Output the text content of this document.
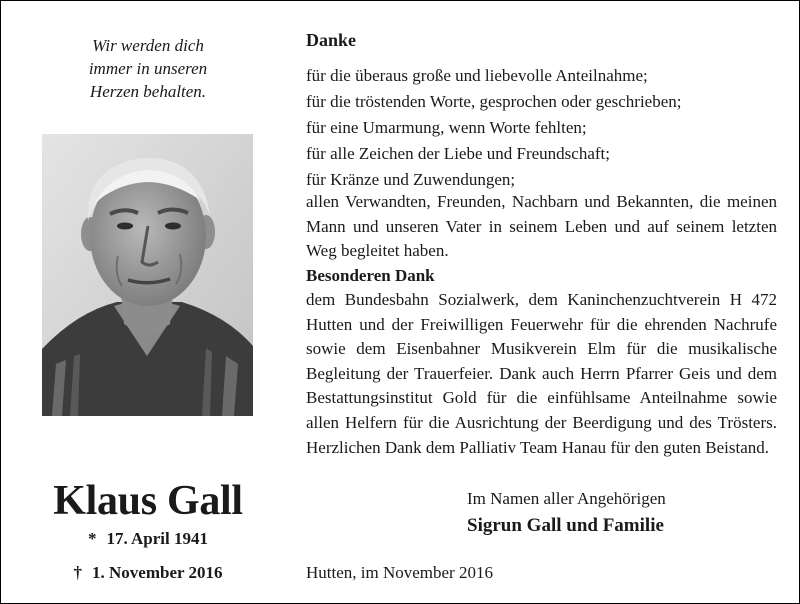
Wir werden dich
immer in unseren
Herzen behalten.
Klaus Gall
* 17. April 1941
† 1. November 2016
Danke
für die überaus große und liebevolle Anteilnahme;
für die tröstenden Worte, gesprochen oder geschrieben;
für eine Umarmung, wenn Worte fehlten;
für alle Zeichen der Liebe und Freundschaft;
für Kränze und Zuwendungen;
allen Verwandten, Freunden, Nachbarn und Bekannten, die meinen Mann und unseren Vater in seinem Leben und auf seinem letzten Weg begleitet haben.
Besonderen Dank
dem Bundesbahn Sozialwerk, dem Kaninchenzuchtverein H 472 Hutten und der Freiwilligen Feuerwehr für die ehrenden Nachrufe sowie dem Eisenbahner Musikverein Elm für die musikalische Begleitung der Trauerfeier. Dank auch Herrn Pfarrer Geis und dem Bestattungsinstitut Gold für die einfühlsame Anteilnahme sowie allen Helfern für die Ausrichtung der Beerdigung und des Trösters. Herzlichen Dank dem Palliativ Team Hanau für den guten Beistand.
Im Namen aller Angehörigen
Sigrun Gall und Familie
Hutten, im November 2016
